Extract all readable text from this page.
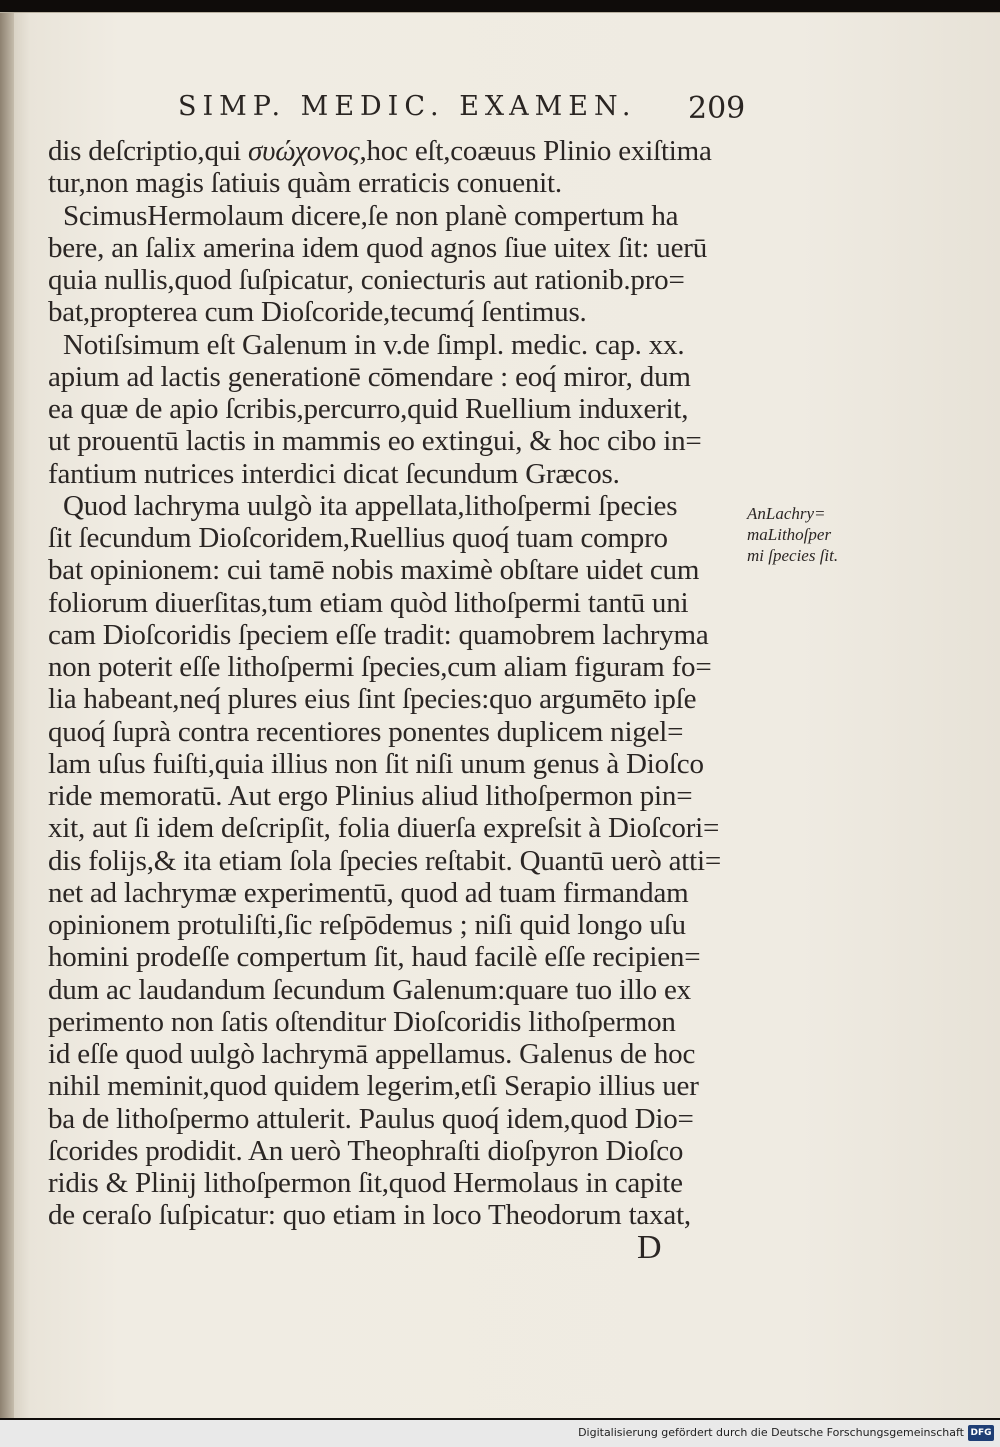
SIMP. MEDIC. EXAMEN. 209
dis deſcriptio,qui συώχονος,hoc eſt,coæuus Plinio exiſtima
tur,non magis ſatiuis quàm erraticis conuenit.
ScimusHermolaum dicere,ſe non planè compertum ha
bere, an ſalix amerina idem quod agnos ſiue uitex ſit: uerū
quia nullis,quod ſuſpicatur, coniecturis aut rationib.pro=
bat,propterea cum Dioſcoride,tecumq́ ſentimus.
Notiſsimum eſt Galenum in v.de ſimpl. medic. cap. xx.
apium ad lactis generationē cōmendare : eoq́ miror, dum
ea quæ de apio ſcribis,percurro,quid Ruellium induxerit,
ut prouentū lactis in mammis eo extingui, & hoc cibo in=
fantium nutrices interdici dicat ſecundum Græcos.
Quod lachryma uulgò ita appellata,lithoſpermi ſpecies
ſit ſecundum Dioſcoridem,Ruellius quoq́ tuam compro
bat opinionem: cui tamē nobis maximè obſtare uidet cum
foliorum diuerſitas,tum etiam quòd lithoſpermi tantū uni
cam Dioſcoridis ſpeciem eſſe tradit: quamobrem lachryma
non poterit eſſe lithoſpermi ſpecies,cum aliam figuram fo=
lia habeant,neq́ plures eius ſint ſpecies:quo argumēto ipſe
quoq́ ſuprà contra recentiores ponentes duplicem nigel=
lam uſus fuiſti,quia illius non ſit niſi unum genus à Dioſco
ride memoratū. Aut ergo Plinius aliud lithoſpermon pin=
xit, aut ſi idem deſcripſit, folia diuerſa expreſsit à Dioſcori=
dis folijs,& ita etiam ſola ſpecies reſtabit. Quantū uerò atti=
net ad lachrymæ experimentū, quod ad tuam firmandam
opinionem protuliſti,ſic reſpōdemus ; niſi quid longo uſu
homini prodeſſe compertum ſit, haud facilè eſſe recipien=
dum ac laudandum ſecundum Galenum:quare tuo illo ex
perimento non ſatis oſtenditur Dioſcoridis lithoſpermon
id eſſe quod uulgò lachrymā appellamus. Galenus de hoc
nihil meminit,quod quidem legerim,etſi Serapio illius uer
ba de lithoſpermo attulerit. Paulus quoq́ idem,quod Dio=
ſcorides prodidit. An uerò Theophraſti dioſpyron Dioſco
ridis & Plinij lithoſpermon ſit,quod Hermolaus in capite
de ceraſo ſuſpicatur: quo etiam in loco Theodorum taxat,
AnLachry=
maLithoſper
mi ſpecies ſit.
D
Digitalisierung gefördert durch die Deutsche Forschungsgemeinschaft DFG
